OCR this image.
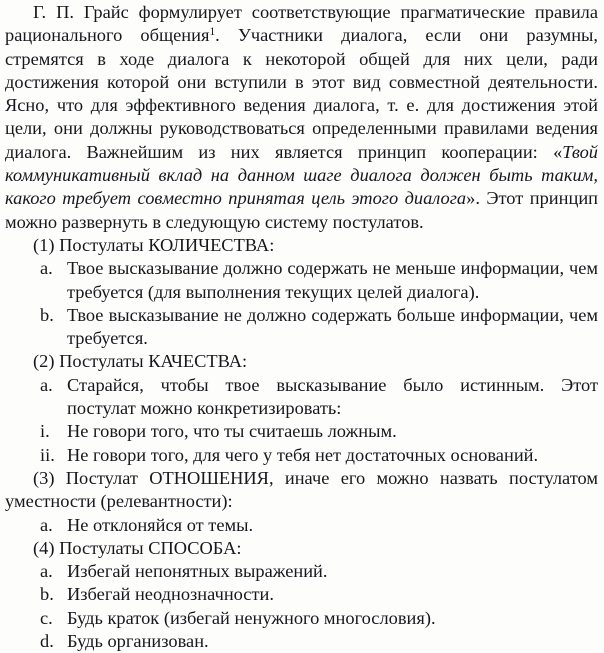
Г. П. Грайс формулирует соответствующие прагматические правила рационального общения$^1$. Участники диалога, если они разумны, стремятся в ходе диалога к некоторой общей для них цели, ради достижения которой они вступили в этот вид совместной деятельности. Ясно, что для эффективного ведения диалога, т. е. для достижения этой цели, они должны руководствоваться определенными правилами ведения диалога. Важнейшим из них является принцип кооперации: «Твой коммуникативный вклад на данном шаге диалога должен быть таким, какого требует совместно принятая цель этого диалога». Этот принцип можно развернуть в следующую систему постулатов.

(1) Постулаты КОЛИЧЕСТВА:

a. Твое высказывание должно содержать не меньше информации, чем требуется (для выполнения текущих целей диалога).

b. Твое высказывание не должно содержать больше информации, чем требуется.

(2) Постулаты КАЧЕСТВА:

a. Старайся, чтобы твое высказывание было истинным. Этот постулат можно конкретизировать:

i. Не говори того, что ты считаешь ложным.

ii. Не говори того, для чего у тебя нет достаточных оснований.

(3) Постулат ОТНОШЕНИЯ, иначе его можно назвать постулатом уместности (релевантности):

a. Не отклоняйся от темы.

(4) Постулаты СПОСОБА:

a. Избегай непонятных выражений.

b. Избегай неоднозначности.

c. Будь краток (избегай ненужного многословия).

d. Будь организован.
